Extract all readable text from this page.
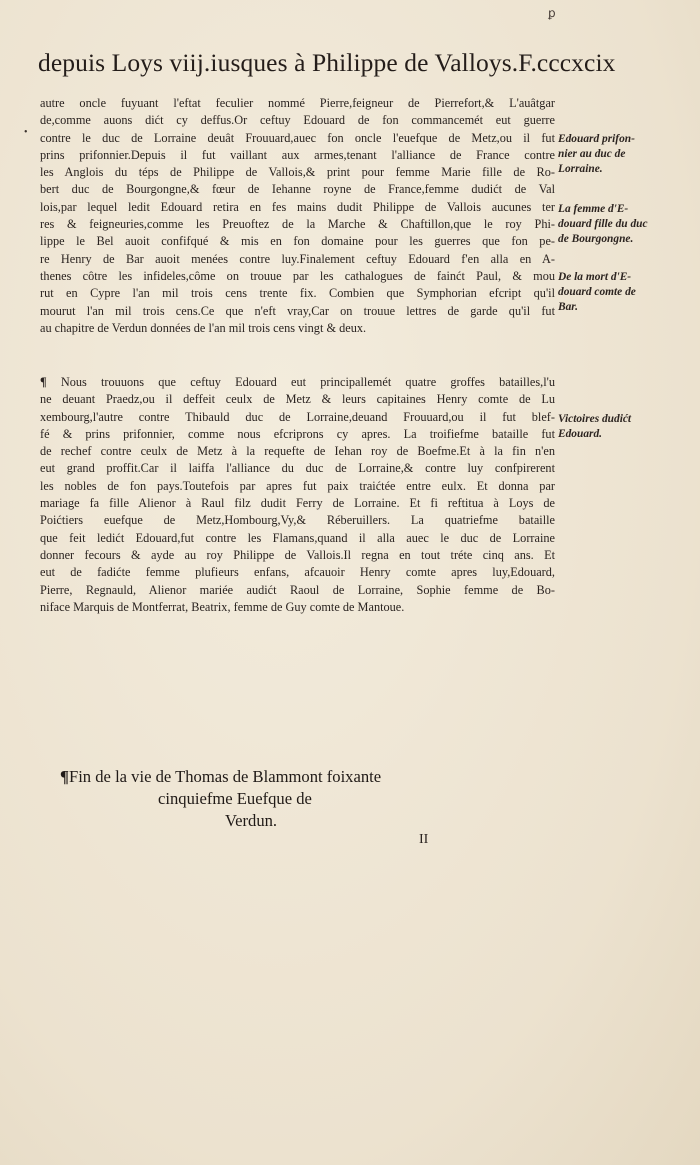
ꝑ
depuis Loys viij.iusques à Philippe de Valloys.F.cccxcix
•
autre oncle fuyuant l'eftat feculier nommé Pierre,feigneur de Pierrefort,& L'auâtgar
de,comme auons dićt cy deffus.Or ceftuy Edouard de fon commancemét eut guerre
contre le duc de Lorraine deuât Frouuard,auec fon oncle l'euefque de Metz,ou il fut
prins prifonnier.Depuis il fut vaillant aux armes,tenant l'alliance de France contre
les Anglois du téps de Philippe de Vallois,& print pour femme Marie fille de Ro-
bert duc de Bourgongne,& fœur de Iehanne royne de France,femme dudićt de Val
lois,par lequel ledit Edouard retira en fes mains dudit Philippe de Vallois aucunes ter
res & feigneuries,comme les Preuoftez de la Marche & Chaftillon,que le roy Phi-
lippe le Bel auoit confifqué & mis en fon domaine pour les guerres que fon pe-
re Henry de Bar auoit menées contre luy.Finalement ceftuy Edouard f'en alla en A-
thenes côtre les infideles,côme on trouue par les cathalogues de fainćt Paul, & mou
rut en Cypre l'an mil trois cens trente fix. Combien que Symphorian efcript qu'il
mourut l'an mil trois cens.Ce que n'eft vray,Car on trouue lettres de garde qu'il fut
au chapitre de Verdun données de l'an mil trois cens vingt & deux.
Edouard prifon-
nier au duc de
Lorraine.
La femme d'E-
douard fille du duc
de Bourgongne.
De la mort d'E-
douard comte de
Bar.
¶ Nous trouuons que ceftuy Edouard eut principallemét quatre groffes batailles,l'u
ne deuant Praedz,ou il deffeit ceulx de Metz & leurs capitaines Henry comte de Lu
xembourg,l'autre contre Thibauld duc de Lorraine,deuand Frouuard,ou il fut blef-
fé & prins prifonnier, comme nous efcriprons cy apres. La troifiefme bataille fut
de rechef contre ceulx de Metz à la requefte de Iehan roy de Boefme.Et à la fin n'en
eut grand proffit.Car il laiffa l'alliance du duc de Lorraine,& contre luy confpirerent
les nobles de fon pays.Toutefois par apres fut paix traićtée entre eulx. Et donna par
mariage fa fille Alienor à Raul filz dudit Ferry de Lorraine. Et fi reftitua à Loys de
Poićtiers euefque de Metz,Hombourg,Vy,& Réberuillers. La quatriefme bataille
que feit ledićt Edouard,fut contre les Flamans,quand il alla auec le duc de Lorraine
donner fecours & ayde au roy Philippe de Vallois.Il regna en tout tréte cinq ans. Et
eut de fadićte femme plufieurs enfans, afcauoir Henry comte apres luy,Edouard,
Pierre, Regnauld, Alienor mariée audićt Raoul de Lorraine, Sophie femme de Bo-
niface Marquis de Montferrat, Beatrix, femme de Guy comte de Mantoue.
Victoires dudićt
Edouard.
¶Fin de la vie de Thomas de Blammont foixante
cinquiefme Euefque de
Verdun.
II
